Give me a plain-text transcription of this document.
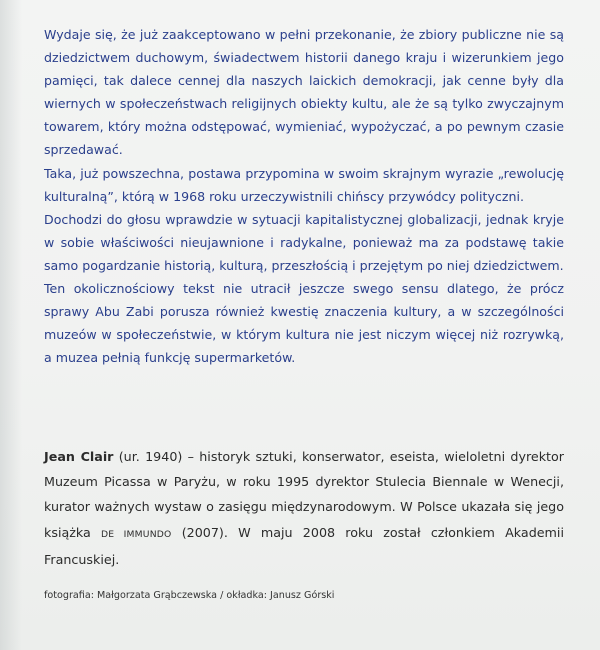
Wydaje się, że już zaakceptowano w pełni przekonanie, że zbiory publiczne nie są dziedzictwem duchowym, świadectwem historii danego kraju i wizerunkiem jego pamięci, tak dalece cennej dla naszych laickich demokracji, jak cenne były dla wiernych w społeczeństwach religijnych obiekty kultu, ale że są tylko zwyczajnym towarem, który można odstępować, wymieniać, wypożyczać, a po pewnym czasie sprzedawać.

Taka, już powszechna, postawa przypomina w swoim skrajnym wyrazie „rewolucję kulturalną”, którą w 1968 roku urzeczywistnili chińscy przywódcy polityczni.

Dochodzi do głosu wprawdzie w sytuacji kapitalistycznej globalizacji, jednak kryje w sobie właściwości nieujawnione i radykalne, ponieważ ma za podstawę takie samo pogardzanie historią, kulturą, przeszłością i przejętym po niej dziedzictwem.

Ten okolicznościowy tekst nie utracił jeszcze swego sensu dlatego, że prócz sprawy Abu Zabi porusza również kwestię znaczenia kultury, a w szczególności muzeów w społeczeństwie, w którym kultura nie jest niczym więcej niż rozrywką, a muzea pełnią funkcję supermarketów.

Jean Clair (ur. 1940) – historyk sztuki, konserwator, eseista, wieloletni dyrektor Muzeum Picassa w Paryżu, w roku 1995 dyrektor Stulecia Biennale w Wenecji, kurator ważnych wystaw o zasięgu międzynarodowym. W Polsce ukazała się jego książka DE IMMUNDO (2007). W maju 2008 roku został członkiem Akademii Francuskiej.

fotografia: Małgorzata Grąbczewska / okładka: Janusz Górski
